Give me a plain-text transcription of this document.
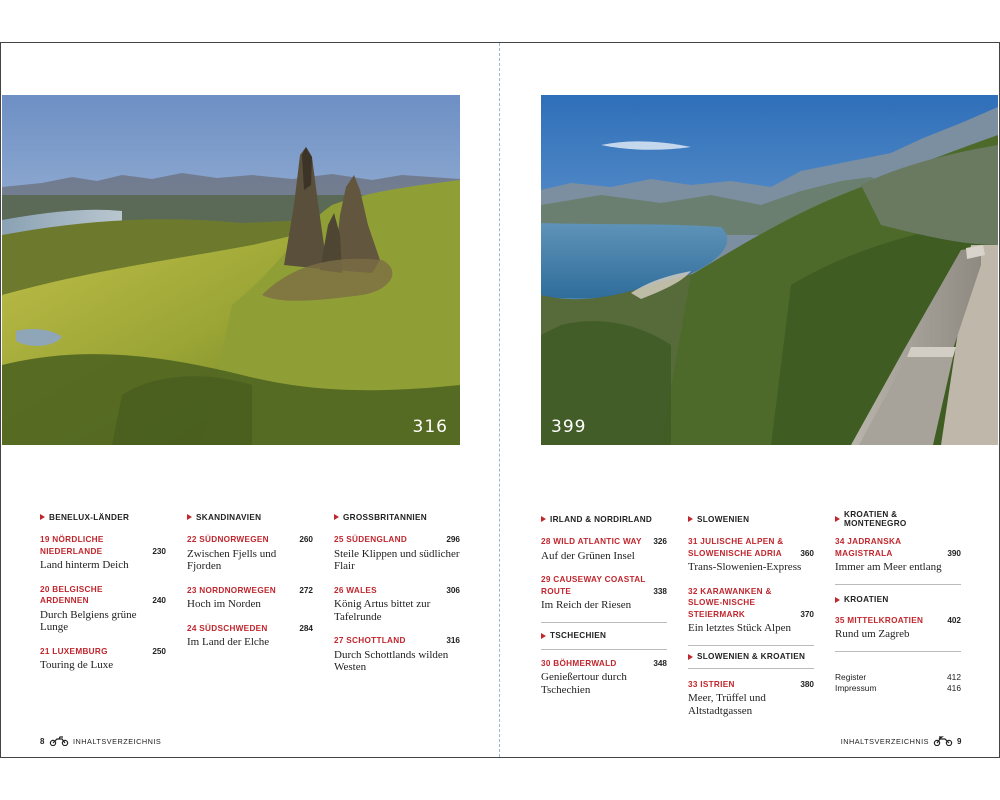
316	399
BENELUX-LÄNDER
19 NÖRDLICHE NIEDERLANDE	230
Land hinterm Deich
20 BELGISCHE ARDENNEN	240
Durch Belgiens grüne Lunge
21 LUXEMBURG	250
Touring de Luxe
SKANDINAVIEN
22 SÜDNORWEGEN	260
Zwischen Fjells und Fjorden
23 NORDNORWEGEN	272
Hoch im Norden
24 SÜDSCHWEDEN	284
Im Land der Elche
GROSSBRITANNIEN
25 SÜDENGLAND	296
Steile Klippen und südlicher Flair
26 WALES	306
König Artus bittet zur Tafelrunde
27 SCHOTTLAND	316
Durch Schottlands wilden Westen
IRLAND & NORDIRLAND
28 WILD ATLANTIC WAY 326
Auf der Grünen Insel
29 CAUSEWAY COASTAL ROUTE	338
Im Reich der Riesen
TSCHECHIEN
30 BÖHMERWALD	348
Genießertour durch Tschechien
SLOWENIEN
31 JULISCHE ALPEN & SLOWENISCHE ADRIA	360
Trans-Slowenien-Express
32 KARAWANKEN & SLOWE-NISCHE STEIERMARK	370
Ein letztes Stück Alpen
SLOWENIEN & KROATIEN
33 ISTRIEN	380
Meer, Trüffel und Altstadtgassen
KROATIEN & MONTENEGRO
34 JADRANSKA MAGISTRALA	390
Immer am Meer entlang
KROATIEN
35 MITTELKROATIEN	402
Rund um Zagreb
Register	412
Impressum	416
8	INHALTSVERZEICHNIS	INHALTSVERZEICHNIS	9
